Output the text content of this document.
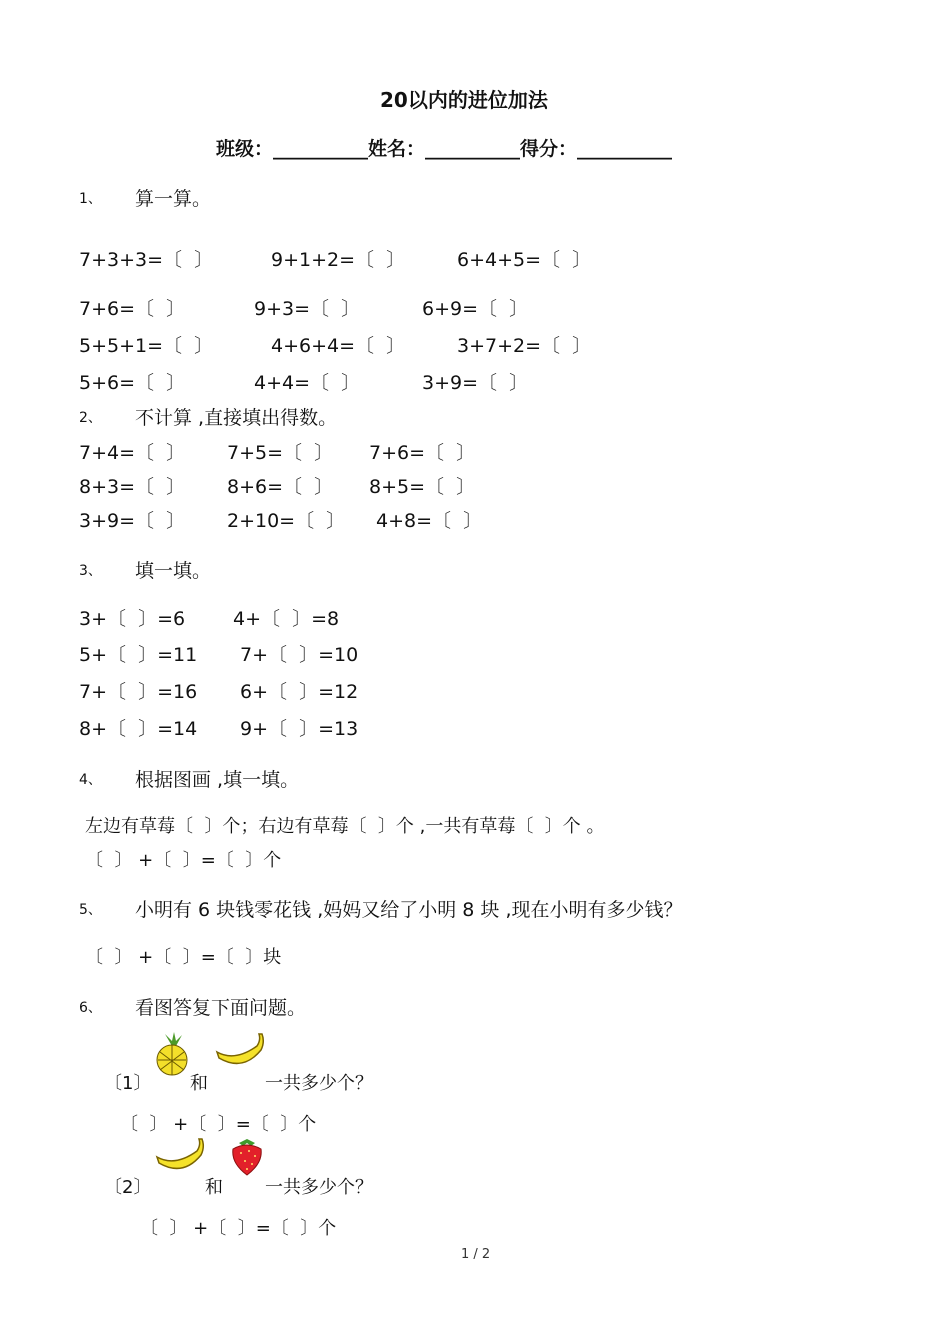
20以内的进位加法
班级：__________姓名：__________得分：__________
1、 算一算。
7+3+3=〔  〕	9+1+2=〔  〕	6+4+5=〔  〕
7+6=〔  〕	9+3=〔  〕	6+9=〔  〕
5+5+1=〔  〕	4+6+4=〔  〕	3+7+2=〔  〕
5+6=〔  〕	4+4=〔  〕	3+9=〔  〕
2、 不计算 ,直接填出得数。
7+4=〔  〕 7+5=〔  〕 7+6=〔  〕
8+3=〔  〕 8+6=〔  〕 8+5=〔  〕
3+9=〔  〕 2+10=〔  〕 4+8=〔  〕
3、 填一填。
3+〔  〕=6	4+〔  〕=8
5+〔  〕=11 7+〔  〕=10
7+〔  〕=16 6+〔  〕=12
8+〔  〕=14 9+〔  〕=13
4、 根据图画 ,填一填。
左边有草莓〔  〕个；右边有草莓〔  〕个 ,一共有草莓〔  〕个 。
〔  〕 +〔  〕=〔  〕个
5、 小明有 6 块钱零花钱 ,妈妈又给了小明 8 块 ,现在小明有多少钱？
〔  〕 +〔  〕=〔  〕块
6、 看图答复下面问题。
〔1〕 和	一共多少个？
〔  〕 +〔  〕=〔  〕个
〔2〕	和 一共多少个？
〔  〕 +〔  〕=〔  〕个
1 / 2
